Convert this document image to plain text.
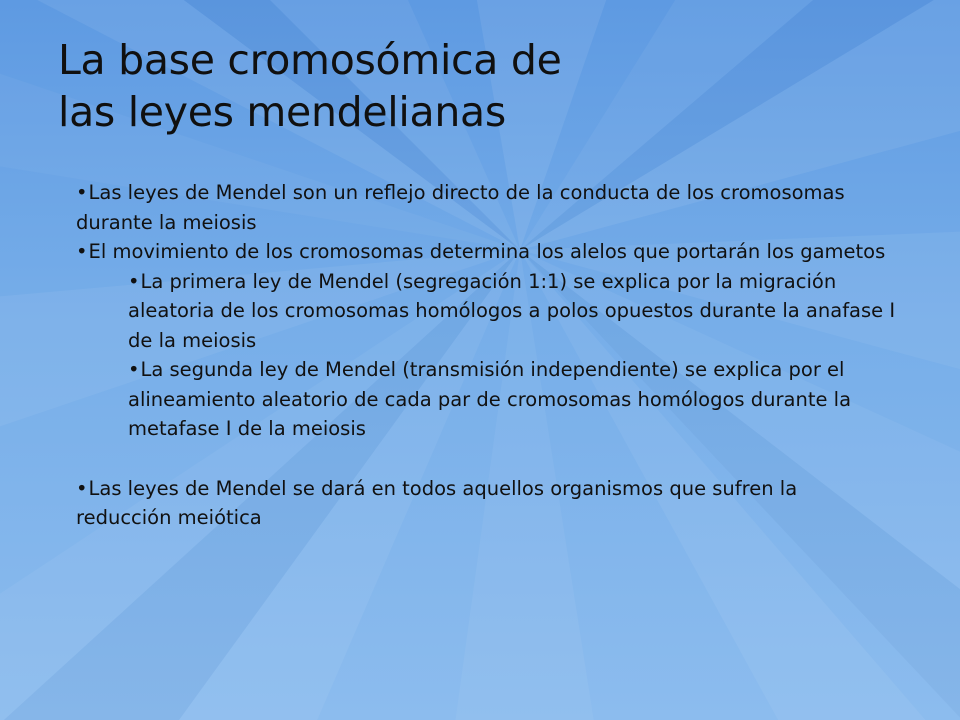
La base cromosómica de
las leyes mendelianas

•Las leyes de Mendel son un reflejo directo de la conducta de los cromosomas durante la meiosis

•El movimiento de los cromosomas determina los alelos que portarán los gametos

•La primera ley de Mendel (segregación 1:1) se explica por la migración aleatoria de los cromosomas homólogos a polos opuestos durante la anafase I de la meiosis

•La segunda ley de Mendel (transmisión independiente) se explica por el alineamiento aleatorio de cada par de cromosomas homólogos durante la metafase I de la meiosis

•Las leyes de Mendel se dará en todos aquellos organismos que sufren la reducción meiótica
